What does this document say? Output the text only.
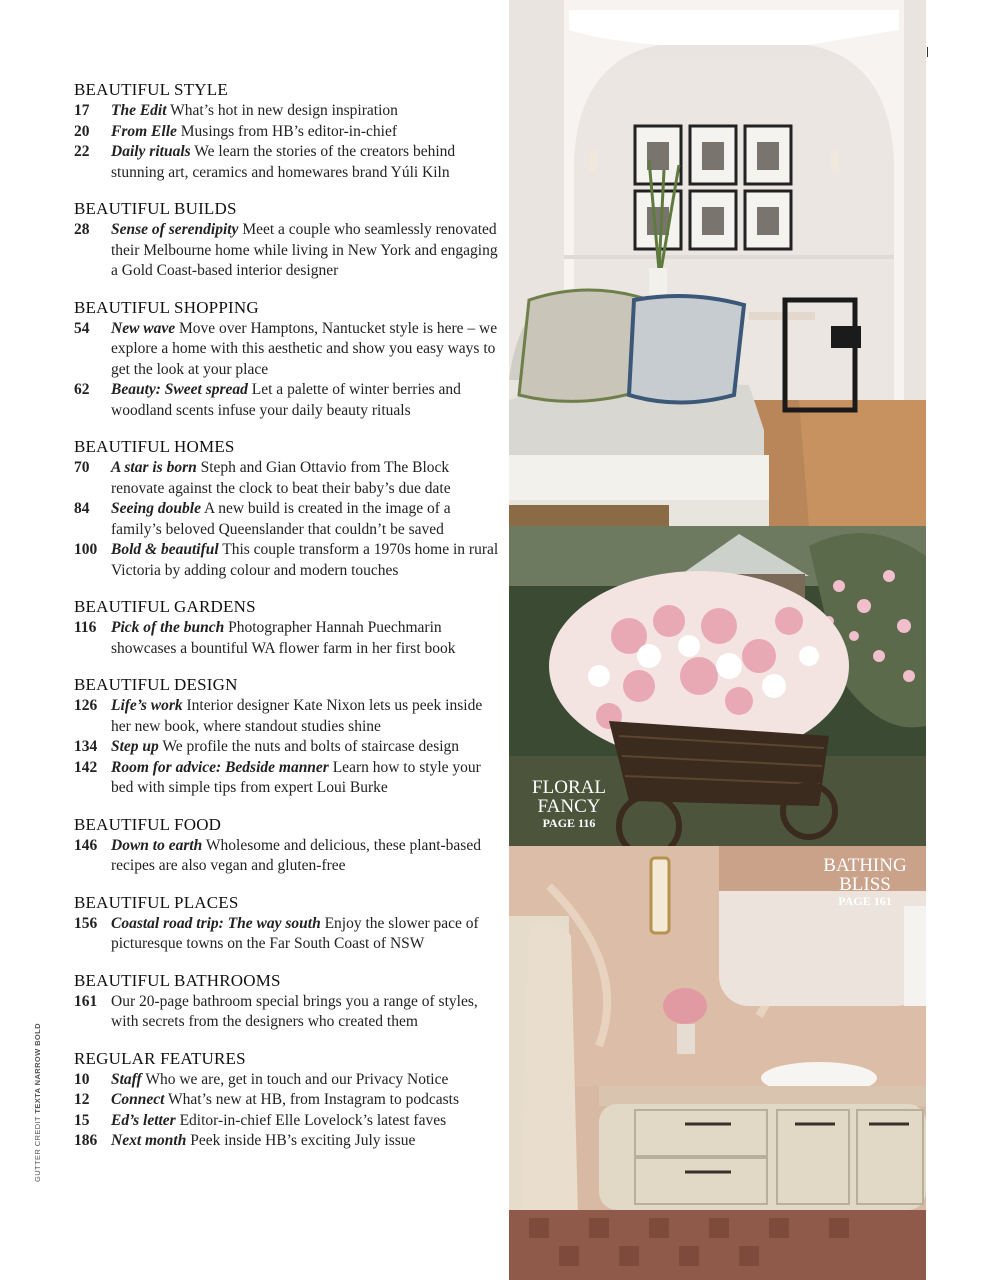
BEAUTIFUL STYLE
17 The Edit What’s hot in new design inspiration
20 From Elle Musings from HB’s editor-in-chief
22 Daily rituals We learn the stories of the creators behind stunning art, ceramics and homewares brand Yúli Kiln
BEAUTIFUL BUILDS
28 Sense of serendipity Meet a couple who seamlessly renovated their Melbourne home while living in New York and engaging a Gold Coast-based interior designer
BEAUTIFUL SHOPPING
54 New wave Move over Hamptons, Nantucket style is here – we explore a home with this aesthetic and show you easy ways to get the look at your place
62 Beauty: Sweet spread Let a palette of winter berries and woodland scents infuse your daily beauty rituals
BEAUTIFUL HOMES
70 A star is born Steph and Gian Ottavio from The Block renovate against the clock to beat their baby’s due date
84 Seeing double A new build is created in the image of a family’s beloved Queenslander that couldn’t be saved
100 Bold & beautiful This couple transform a 1970s home in rural Victoria by adding colour and modern touches
BEAUTIFUL GARDENS
116 Pick of the bunch Photographer Hannah Puechmarin showcases a bountiful WA flower farm in her first book
BEAUTIFUL DESIGN
126 Life’s work Interior designer Kate Nixon lets us peek inside her new book, where standout studies shine
134 Step up We profile the nuts and bolts of staircase design
142 Room for advice: Bedside manner Learn how to style your bed with simple tips from expert Loui Burke
BEAUTIFUL FOOD
146 Down to earth Wholesome and delicious, these plant-based recipes are also vegan and gluten-free
BEAUTIFUL PLACES
156 Coastal road trip: The way south Enjoy the slower pace of picturesque towns on the Far South Coast of NSW
BEAUTIFUL BATHROOMS
161 Our 20-page bathroom special brings you a range of styles, with secrets from the designers who created them
REGULAR FEATURES
10 Staff Who we are, get in touch and our Privacy Notice
12 Connect What’s new at HB, from Instagram to podcasts
15 Ed’s letter Editor-in-chief Elle Lovelock’s latest faves
186 Next month Peek inside HB’s exciting July issue
GUTTER CREDIT TEXTA NARROW BOLD
FLORAL
FANCY
PAGE 116
BATHING
BLISS
PAGE 161
